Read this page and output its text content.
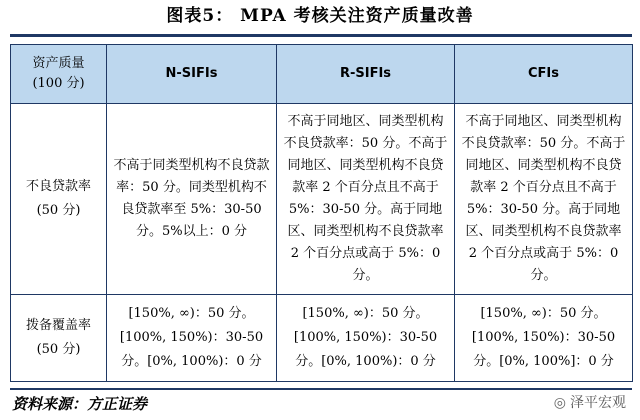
图表5： MPA 考核关注资产质量改善
资产质量
(100 分)	N-SIFIs	R-SIFIs	CFIs

不良贷款率
(50 分)	不高于同类型机构不良贷款率：50 分。同类型机构不良贷款率至 5%：30-50 分。5%以上：0 分	不高于同地区、同类型机构不良贷款率：50 分。不高于同地区、同类型机构不良贷款率 2 个百分点且不高于 5%：30-50 分。高于同地区、同类型机构不良贷款率 2 个百分点或高于 5%：0 分。	不高于同地区、同类型机构不良贷款率：50 分。不高于同地区、同类型机构不良贷款率 2 个百分点且不高于 5%：30-50 分。高于同地区、同类型机构不良贷款率 2 个百分点或高于 5%：0 分。

拨备覆盖率
(50 分)	[150%, ∞)：50 分。
[100%, 150%)：30-50
分。[0%, 100%)：0 分	[150%, ∞)：50 分。
[100%, 150%)：30-50
分。[0%, 100%)：0 分	[150%, ∞)：50 分。
[100%, 150%)：30-50
分。[0%, 100%]：0 分
资料来源：方正证券	◎ 泽平宏观
